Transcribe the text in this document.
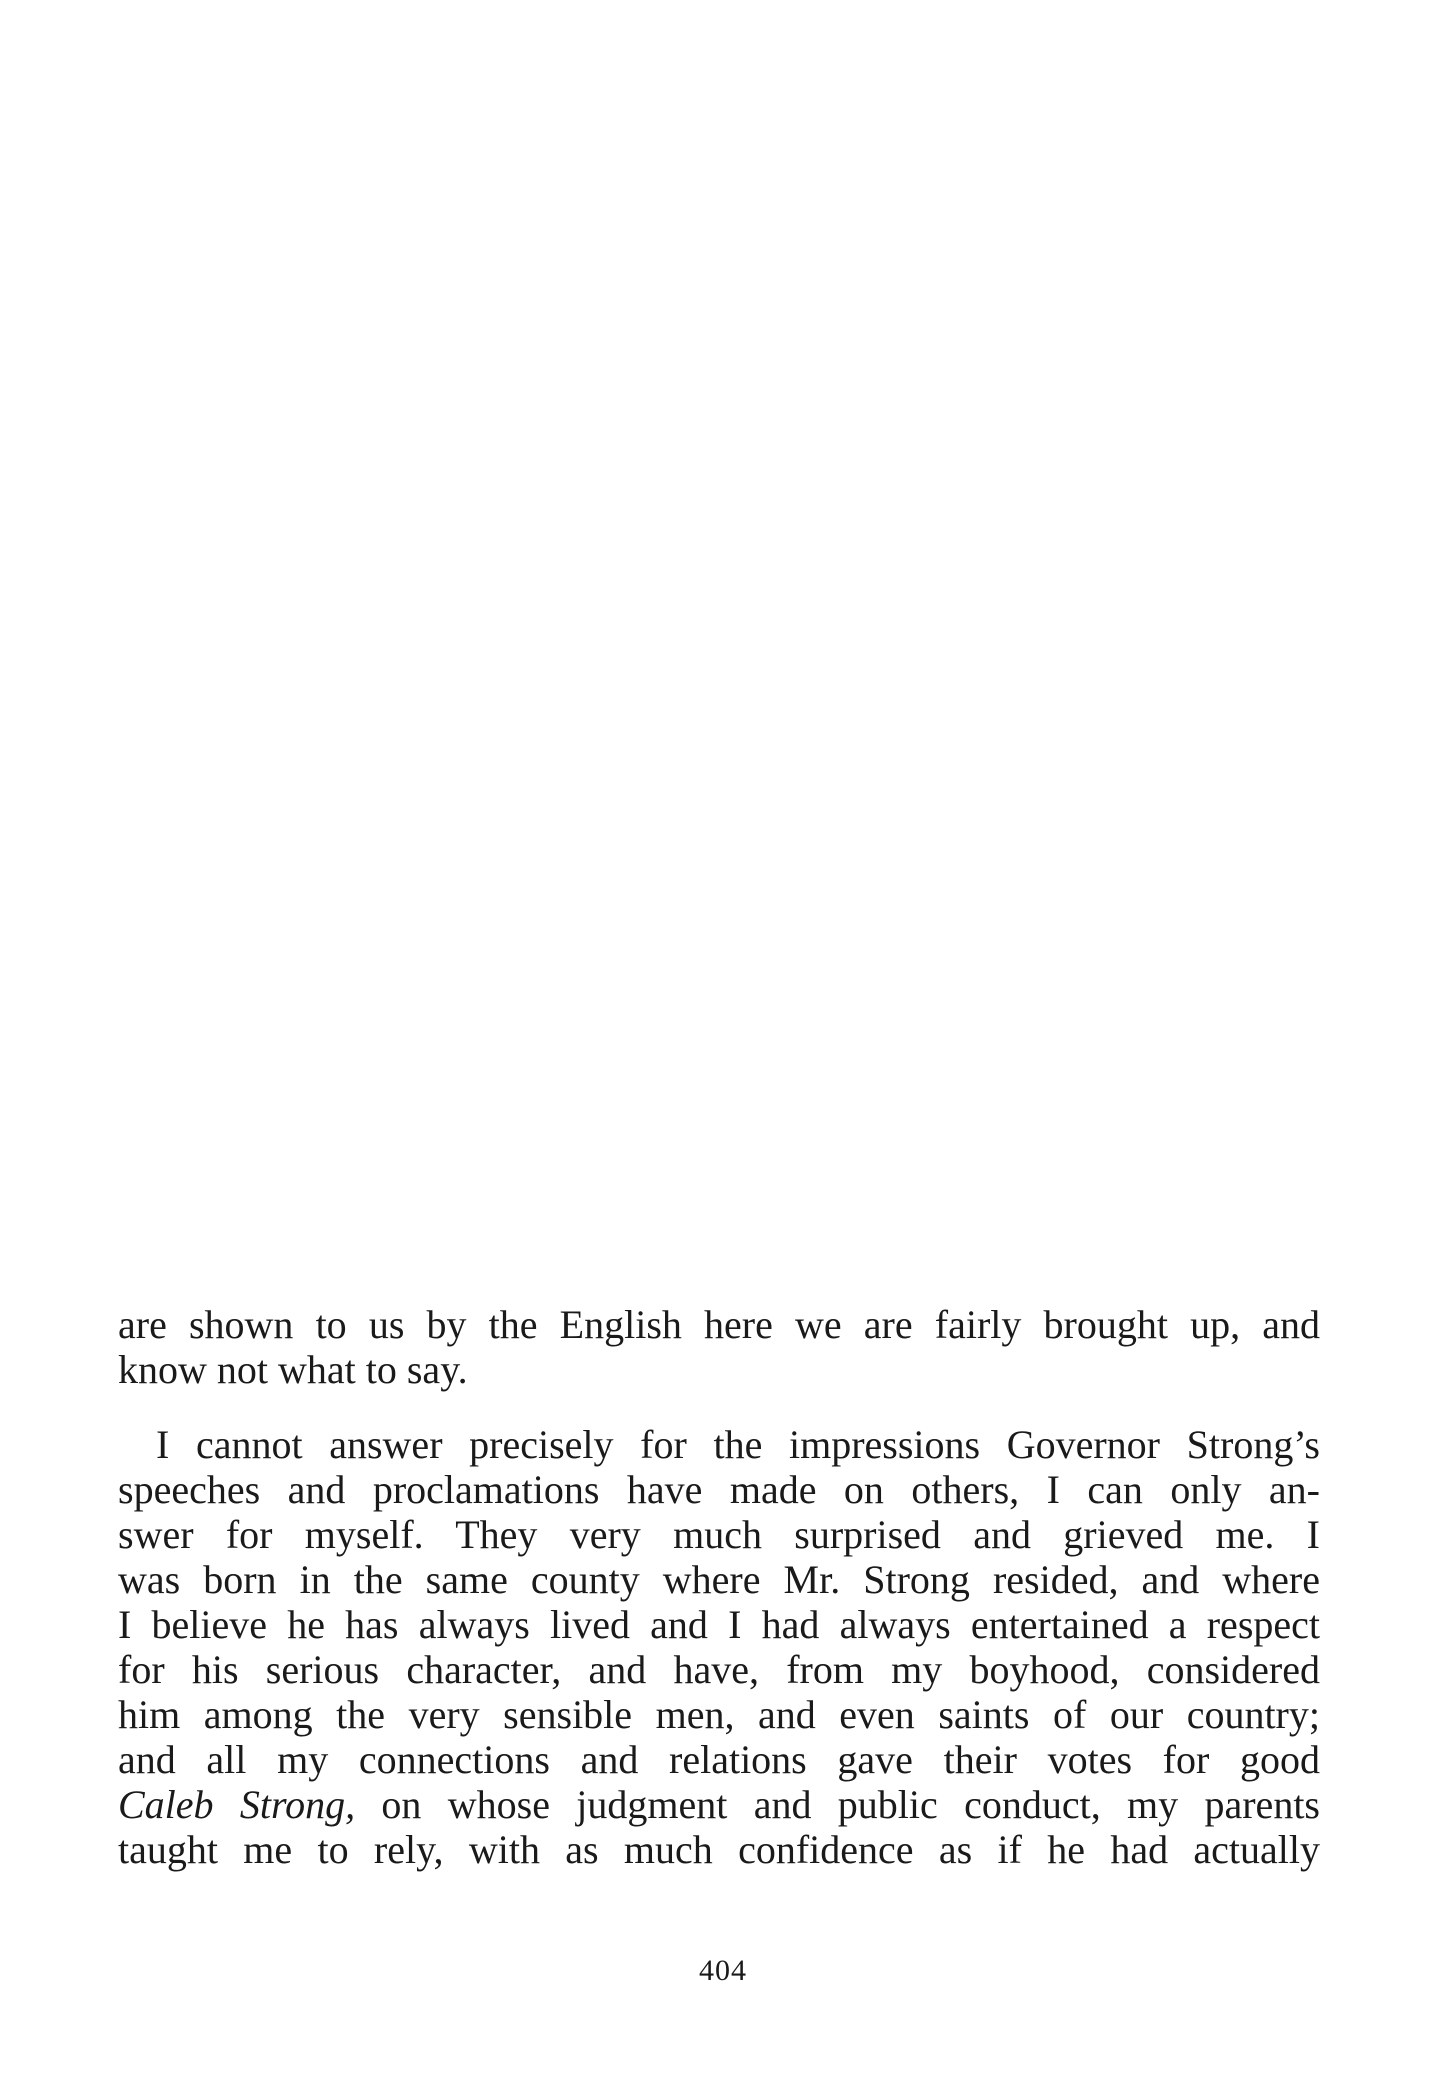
are shown to us by the English here we are fairly brought up, and
know not what to say.
I cannot answer precisely for the impressions Governor Strong’s
speeches and proclamations have made on others, I can only an-
swer for myself. They very much surprised and grieved me. I
was born in the same county where Mr. Strong resided, and where
I believe he has always lived and I had always entertained a respect
for his serious character, and have, from my boyhood, considered
him among the very sensible men, and even saints of our country;
and all my connections and relations gave their votes for good
Caleb Strong, on whose judgment and public conduct, my parents
taught me to rely, with as much confidence as if he had actually
404
